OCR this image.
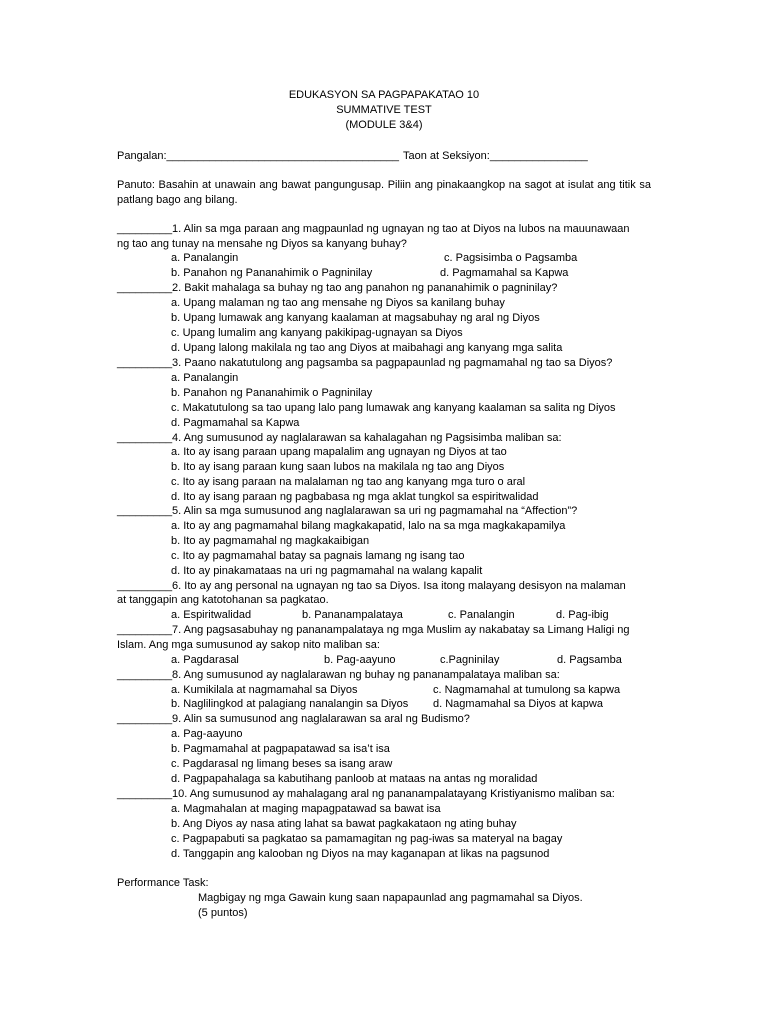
EDUKASYON SA PAGPAPAKATAO 10
SUMMATIVE TEST
(MODULE 3&4)
Pangalan:______________________________________ Taon at Seksiyon:________________
Panuto: Basahin at unawain ang bawat pangungusap. Piliin ang pinakaangkop na sagot at isulat ang titik sa patlang bago ang bilang.
_________1. Alin sa mga paraan ang magpaunlad ng ugnayan ng tao at Diyos na lubos na mauunawaan
ng tao ang tunay na mensahe ng Diyos sa kanyang buhay?
a. Panalangin	c. Pagsisimba o Pagsamba
b. Panahon ng Pananahimik o Pagninilay	d. Pagmamahal sa Kapwa
_________2. Bakit mahalaga sa buhay ng tao ang panahon ng pananahimik o pagninilay?
a. Upang malaman ng tao ang mensahe ng Diyos sa kanilang buhay
b. Upang lumawak ang kanyang kaalaman at magsabuhay ng aral ng Diyos
c. Upang lumalim ang kanyang pakikipag-ugnayan sa Diyos
d. Upang lalong makilala ng tao ang Diyos at maibahagi ang kanyang mga salita
_________3. Paano nakatutulong ang pagsamba sa pagpapaunlad ng pagmamahal ng tao sa Diyos?
a. Panalangin
b. Panahon ng Pananahimik o Pagninilay
c. Makatutulong sa tao upang lalo pang lumawak ang kanyang kaalaman sa salita ng Diyos
d. Pagmamahal sa Kapwa
_________4. Ang sumusunod ay naglalarawan sa kahalagahan ng Pagsisimba maliban sa:
a. Ito ay isang paraan upang mapalalim ang ugnayan ng Diyos at tao
b. Ito ay isang paraan kung saan lubos na makilala ng tao ang Diyos
c. Ito ay isang paraan na malalaman ng tao ang kanyang mga turo o aral
d. Ito ay isang paraan ng pagbabasa ng mga aklat tungkol sa espiritwalidad
_________5. Alin sa mga sumusunod ang naglalarawan sa uri ng pagmamahal na “Affection”?
a. Ito ay ang pagmamahal bilang magkakapatid, lalo na sa mga magkakapamilya
b. Ito ay pagmamahal ng magkakaibigan
c. Ito ay pagmamahal batay sa pagnais lamang ng isang tao
d. Ito ay pinakamataas na uri ng pagmamahal na walang kapalit
_________6. Ito ay ang personal na ugnayan ng tao sa Diyos. Isa itong malayang desisyon na malaman
at tanggapin ang katotohanan sa pagkatao.
a. Espiritwalidad	b. Pananampalataya	c. Panalangin	d. Pag-ibig
_________7. Ang pagsasabuhay ng pananampalataya ng mga Muslim ay nakabatay sa Limang Haligi ng
Islam. Ang mga sumusunod ay sakop nito maliban sa:
a. Pagdarasal	b. Pag-aayuno	c.Pagninilay	d. Pagsamba
_________8. Ang sumusunod ay naglalarawan ng buhay ng pananampalataya maliban sa:
a. Kumikilala at nagmamahal sa Diyos	c. Nagmamahal at tumulong sa kapwa
b. Naglilingkod at palagiang nanalangin sa Diyos d. Nagmamahal sa Diyos at kapwa
_________9. Alin sa sumusunod ang naglalarawan sa aral ng Budismo?
a. Pag-aayuno
b. Pagmamahal at pagpapatawad sa isa’t isa
c. Pagdarasal ng limang beses sa isang araw
d. Pagpapahalaga sa kabutihang panloob at mataas na antas ng moralidad
_________10. Ang sumusunod ay mahalagang aral ng pananampalatayang Kristiyanismo maliban sa:
a. Magmahalan at maging mapagpatawad sa bawat isa
b. Ang Diyos ay nasa ating lahat sa bawat pagkakataon ng ating buhay
c. Pagpapabuti sa pagkatao sa pamamagitan ng pag-iwas sa materyal na bagay
d. Tanggapin ang kalooban ng Diyos na may kaganapan at likas na pagsunod
Performance Task:
Magbigay ng mga Gawain kung saan napapaunlad ang pagmamahal sa Diyos.
(5 puntos)
